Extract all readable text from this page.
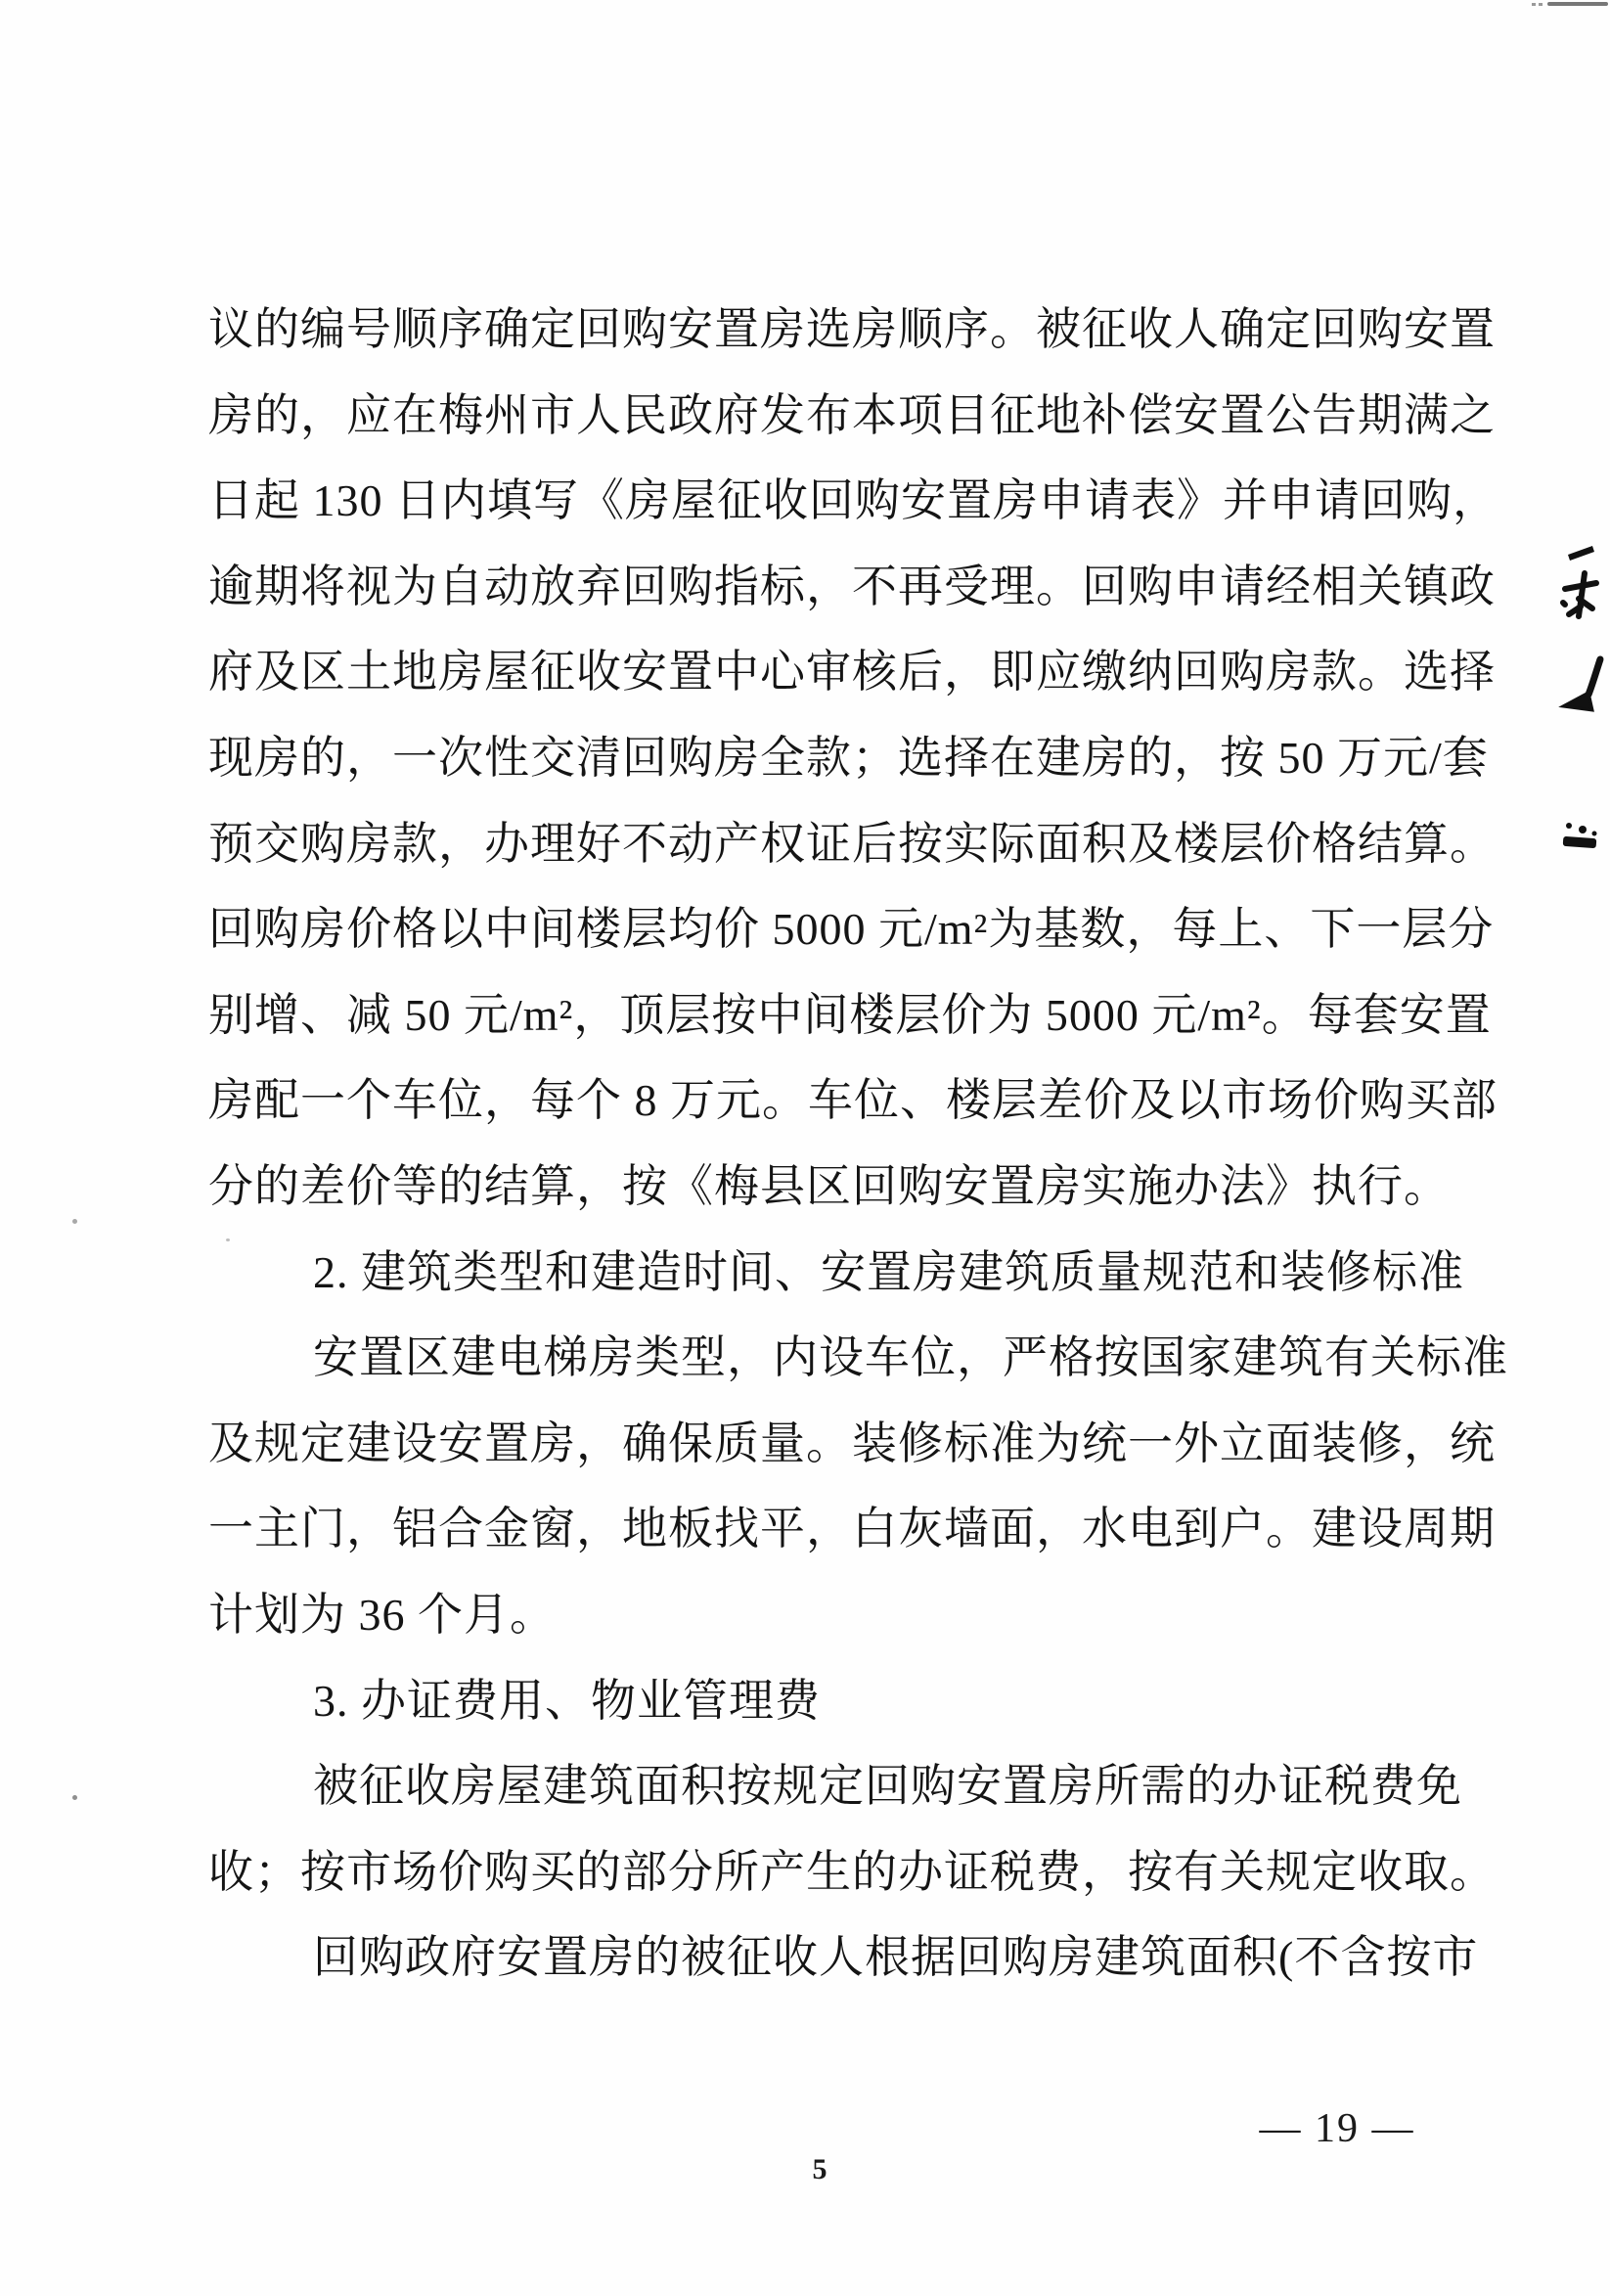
议的编号顺序确定回购安置房选房顺序。被征收人确定回购安置
房的，应在梅州市人民政府发布本项目征地补偿安置公告期满之
日起 130 日内填写《房屋征收回购安置房申请表》并申请回购，
逾期将视为自动放弃回购指标，不再受理。回购申请经相关镇政
府及区土地房屋征收安置中心审核后，即应缴纳回购房款。选择
现房的，一次性交清回购房全款；选择在建房的，按 50 万元/套
预交购房款，办理好不动产权证后按实际面积及楼层价格结算。
回购房价格以中间楼层均价 5000 元/m²为基数，每上、下一层分
别增、减 50 元/m²，顶层按中间楼层价为 5000 元/m²。每套安置
房配一个车位，每个 8 万元。车位、楼层差价及以市场价购买部
分的差价等的结算，按《梅县区回购安置房实施办法》执行。
2. 建筑类型和建造时间、安置房建筑质量规范和装修标准
安置区建电梯房类型，内设车位，严格按国家建筑有关标准
及规定建设安置房，确保质量。装修标准为统一外立面装修，统
一主门，铝合金窗，地板找平，白灰墙面，水电到户。建设周期
计划为 36 个月。
3. 办证费用、物业管理费
被征收房屋建筑面积按规定回购安置房所需的办证税费免
收；按市场价购买的部分所产生的办证税费，按有关规定收取。
回购政府安置房的被征收人根据回购房建筑面积(不含按市
— 19 —
5
